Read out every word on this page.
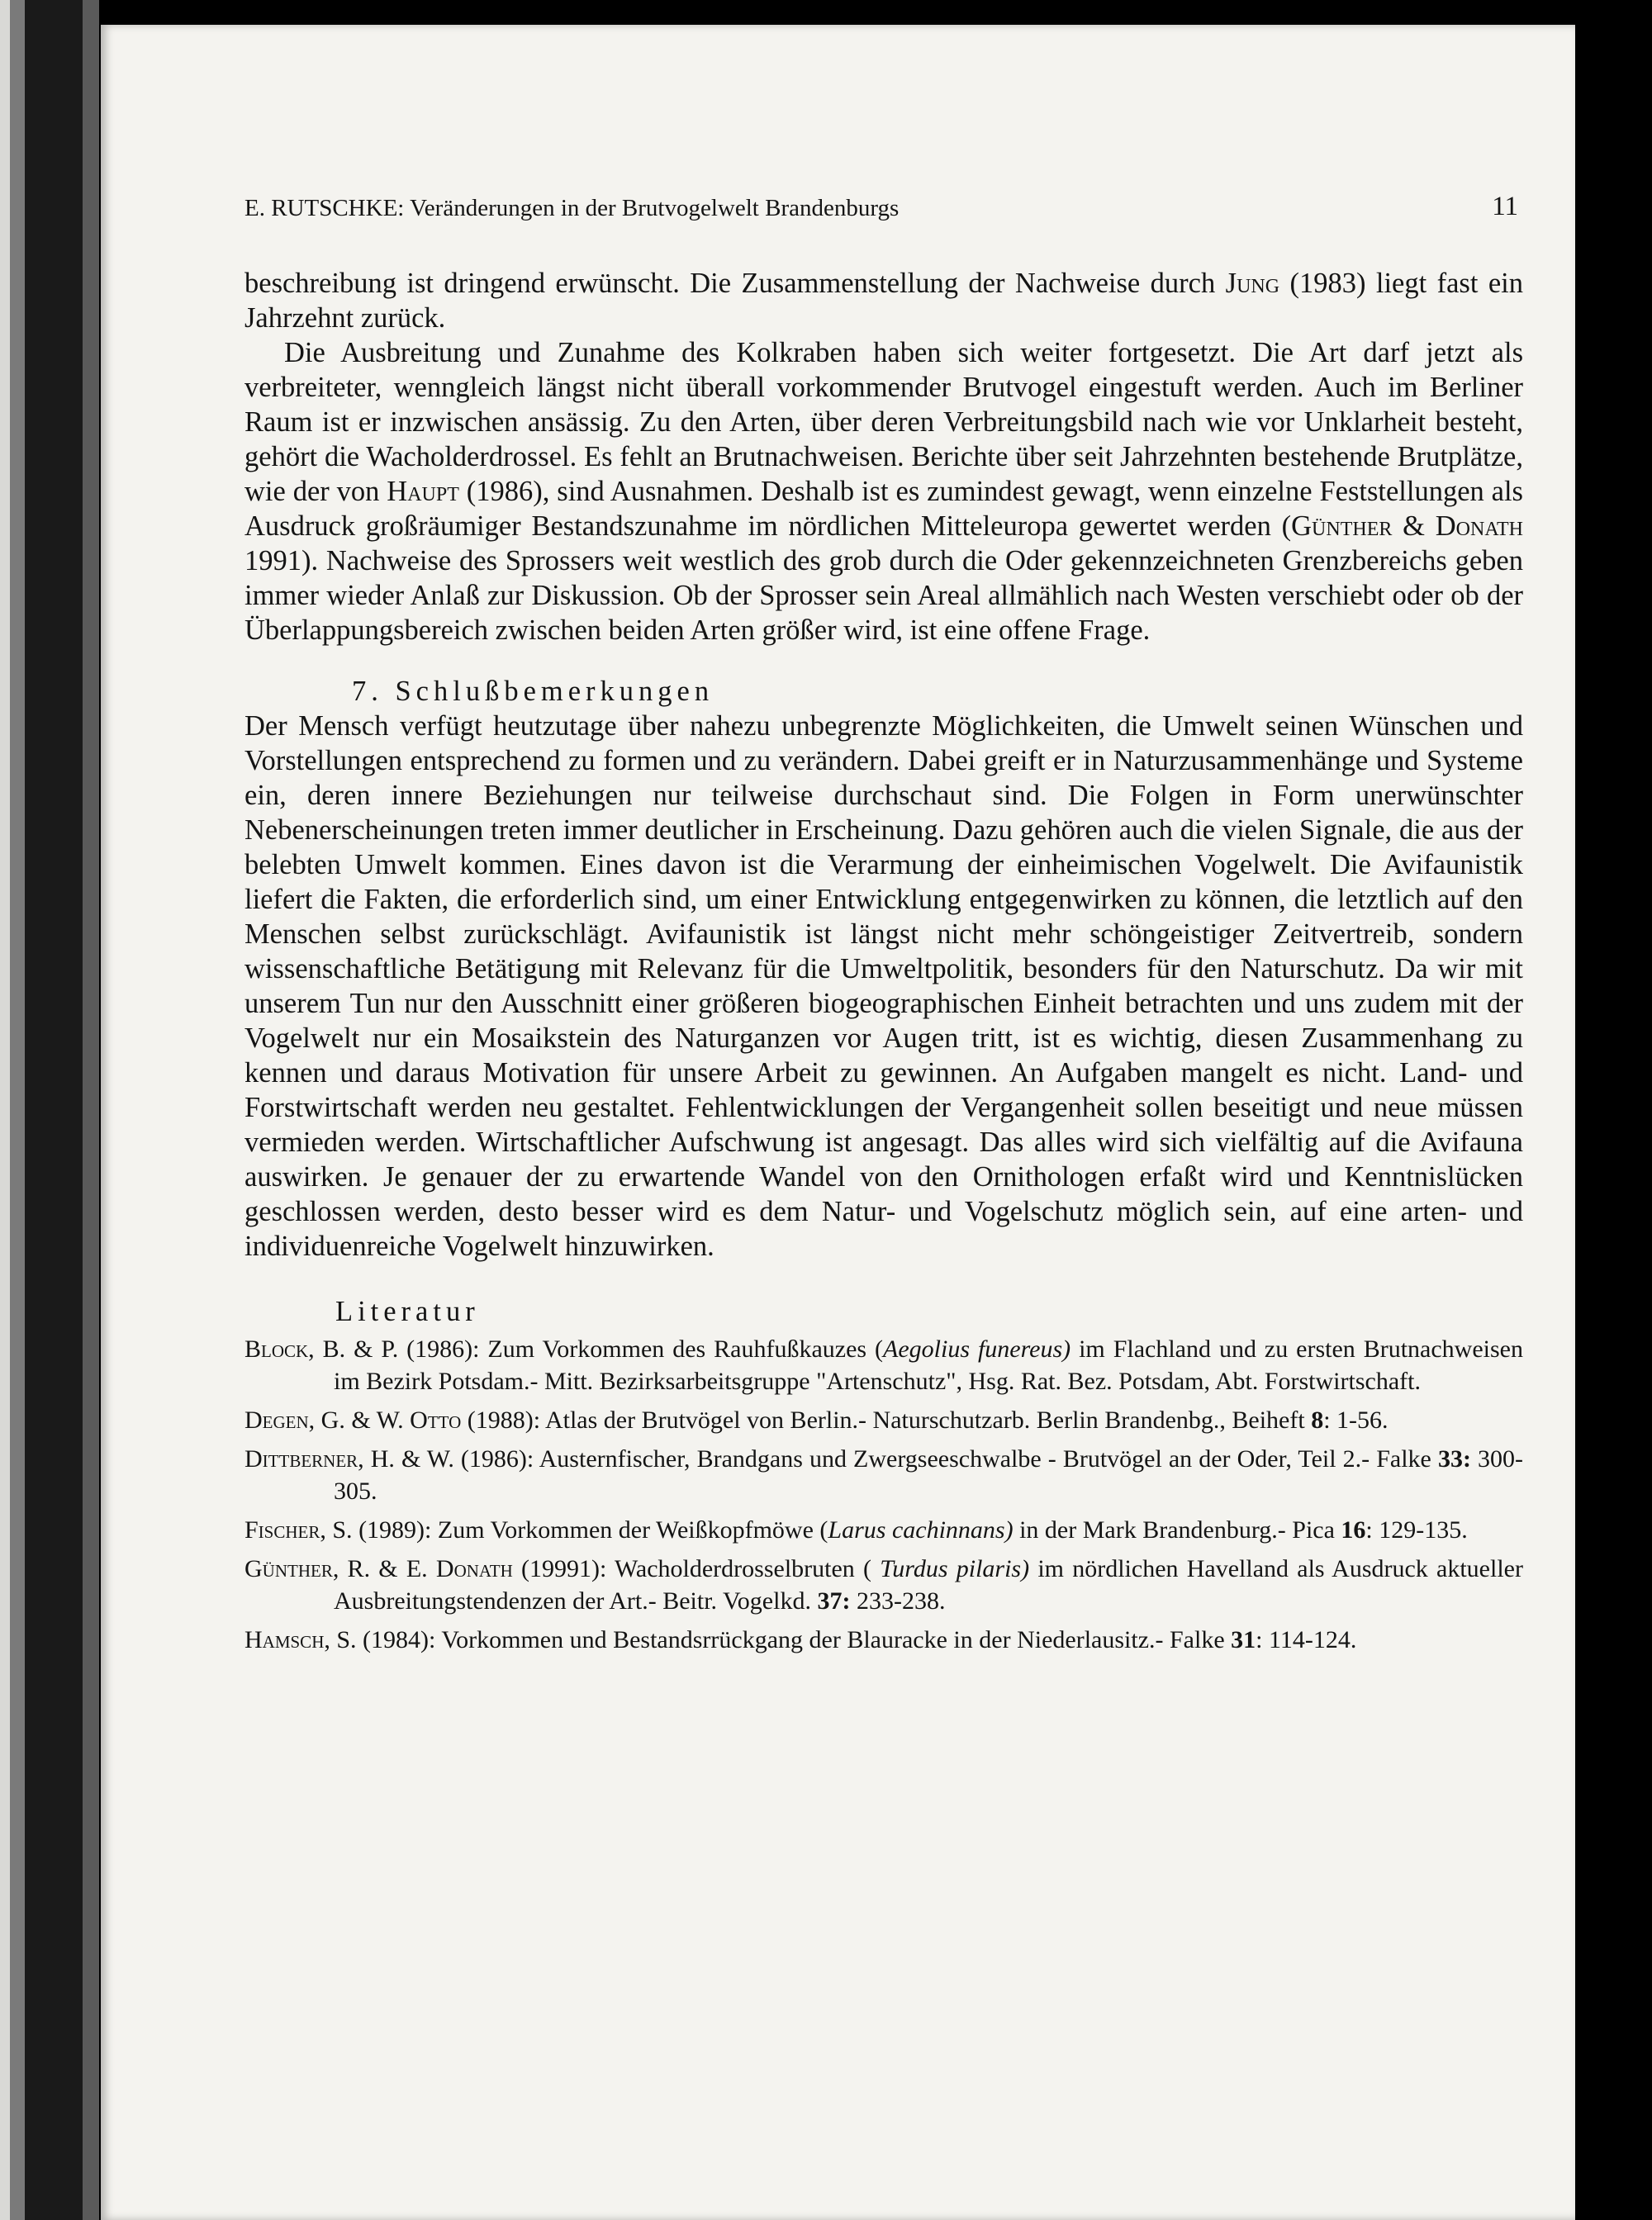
E. RUTSCHKE: Veränderungen in der Brutvogelwelt Brandenburgs	11

beschreibung ist dringend erwünscht. Die Zusammenstellung der Nachweise durch Jung (1983) liegt fast ein Jahrzehnt zurück.

Die Ausbreitung und Zunahme des Kolkraben haben sich weiter fortgesetzt. Die Art darf jetzt als verbreiteter, wenngleich längst nicht überall vorkommender Brutvogel eingestuft werden. Auch im Berliner Raum ist er inzwischen ansässig. Zu den Arten, über deren Verbreitungsbild nach wie vor Unklarheit besteht, gehört die Wacholderdrossel. Es fehlt an Brutnachweisen. Berichte über seit Jahrzehnten bestehende Brutplätze, wie der von Haupt (1986), sind Ausnahmen. Deshalb ist es zumindest gewagt, wenn einzelne Feststellungen als Ausdruck großräumiger Bestandszunahme im nördlichen Mitteleuropa gewertet werden (Günther & Donath 1991). Nachweise des Sprossers weit westlich des grob durch die Oder gekennzeichneten Grenzbereichs geben immer wieder Anlaß zur Diskussion. Ob der Sprosser sein Areal allmählich nach Westen verschiebt oder ob der Überlappungsbereich zwischen beiden Arten größer wird, ist eine offene Frage.

7. Schlußbemerkungen

Der Mensch verfügt heutzutage über nahezu unbegrenzte Möglichkeiten, die Umwelt seinen Wünschen und Vorstellungen entsprechend zu formen und zu verändern. Dabei greift er in Naturzusammenhänge und Systeme ein, deren innere Beziehungen nur teilweise durchschaut sind. Die Folgen in Form unerwünschter Nebenerscheinungen treten immer deutlicher in Erscheinung. Dazu gehören auch die vielen Signale, die aus der belebten Umwelt kommen. Eines davon ist die Verarmung der einheimischen Vogelwelt. Die Avifaunistik liefert die Fakten, die erforderlich sind, um einer Entwicklung entgegenwirken zu können, die letztlich auf den Menschen selbst zurückschlägt. Avifaunistik ist längst nicht mehr schöngeistiger Zeitvertreib, sondern wissenschaftliche Betätigung mit Relevanz für die Umweltpolitik, besonders für den Naturschutz. Da wir mit unserem Tun nur den Ausschnitt einer größeren biogeographischen Einheit betrachten und uns zudem mit der Vogelwelt nur ein Mosaikstein des Naturganzen vor Augen tritt, ist es wichtig, diesen Zusammenhang zu kennen und daraus Motivation für unsere Arbeit zu gewinnen. An Aufgaben mangelt es nicht. Land- und Forstwirtschaft werden neu gestaltet. Fehlentwicklungen der Vergangenheit sollen beseitigt und neue müssen vermieden werden. Wirtschaftlicher Aufschwung ist angesagt. Das alles wird sich vielfältig auf die Avifauna auswirken. Je genauer der zu erwartende Wandel von den Ornithologen erfaßt wird und Kenntnislücken geschlossen werden, desto besser wird es dem Natur- und Vogelschutz möglich sein, auf eine arten- und individuenreiche Vogelwelt hinzuwirken.

Literatur
Block, B. & P. (1986): Zum Vorkommen des Rauhfußkauzes (Aegolius funereus) im Flachland und zu ersten Brutnachweisen im Bezirk Potsdam.- Mitt. Bezirksarbeitsgruppe "Artenschutz", Hsg. Rat. Bez. Potsdam, Abt. Forstwirtschaft.
Degen, G. & W. Otto (1988): Atlas der Brutvögel von Berlin.- Naturschutzarb. Berlin Brandenbg., Beiheft 8: 1-56.
Dittberner, H. & W. (1986): Austernfischer, Brandgans und Zwergseeschwalbe - Brutvögel an der Oder, Teil 2.- Falke 33: 300-305.
Fischer, S. (1989): Zum Vorkommen der Weißkopfmöwe (Larus cachinnans) in der Mark Brandenburg.- Pica 16: 129-135.
Günther, R. & E. Donath (19991): Wacholderdrosselbruten ( Turdus pilaris) im nördlichen Havelland als Ausdruck aktueller Ausbreitungstendenzen der Art.- Beitr. Vogelkd. 37: 233-238.
Hamsch, S. (1984): Vorkommen und Bestandsrrückgang der Blauracke in der Niederlausitz.- Falke 31: 114-124.
